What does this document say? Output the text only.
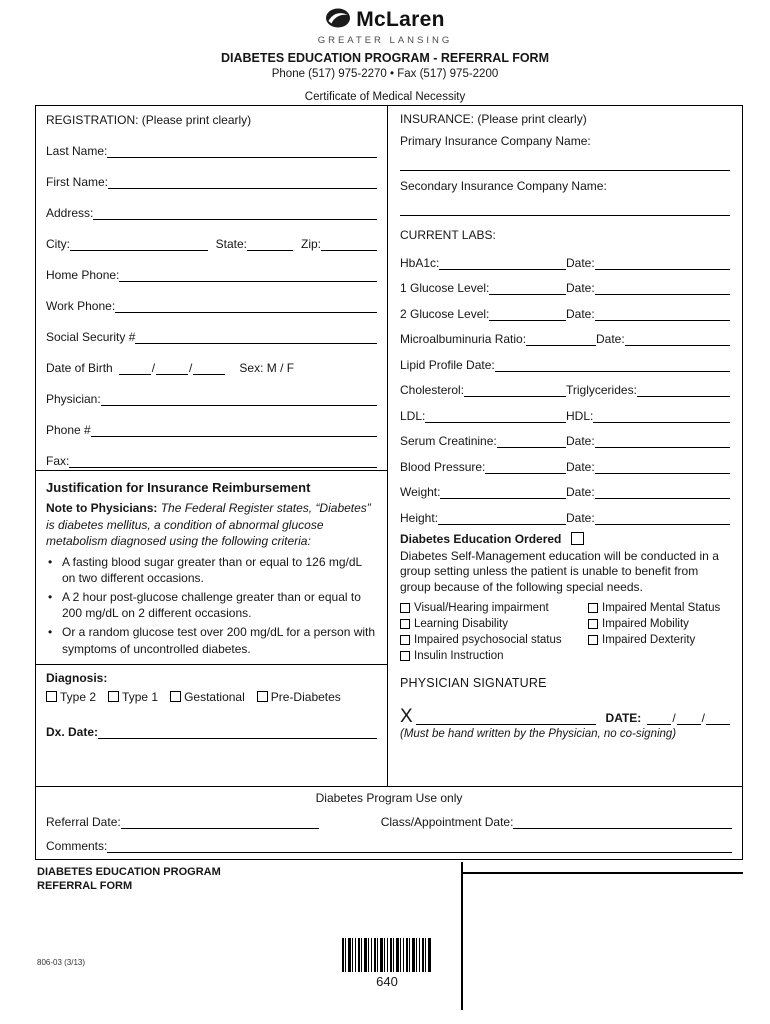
McLaren
GREATER LANSING
DIABETES EDUCATION PROGRAM - REFERRAL FORM
Phone (517) 975-2270 • Fax (517) 975-2200
Certificate of Medical Necessity
REGISTRATION: (Please print clearly)
Last Name:
First Name:
Address:
City:	State:	Zip:
Home Phone:
Work Phone:
Social Security #
Date of Birth	/	/	Sex: M / F
Physician:
Phone #
Fax:
Justification for Insurance Reimbursement

Note to Physicians: The Federal Register states, “Diabetes” is diabetes mellitus, a condition of abnormal glucose metabolism diagnosed using the following criteria:

• A fasting blood sugar greater than or equal to 126 mg/dL on two different occasions.
• A 2 hour post-glucose challenge greater than or equal to 200 mg/dL on 2 different occasions.
• Or a random glucose test over 200 mg/dL for a person with symptoms of uncontrolled diabetes.
Diagnosis:
Type 2 Type 1 Gestational Pre-Diabetes
Dx. Date:
INSURANCE: (Please print clearly)
Primary Insurance Company Name:
Secondary Insurance Company Name:
CURRENT LABS:
HbA1c:	Date:
1 Glucose Level:	Date:
2 Glucose Level:	Date:
Microalbuminuria Ratio:	Date:
Lipid Profile Date:
Cholesterol:	Triglycerides:
LDL:	HDL:
Serum Creatinine:	Date:
Blood Pressure:	Date:
Weight:	Date:
Height:	Date:
Diabetes Education Ordered
Diabetes Self-Management education will be conducted in a group setting unless the patient is unable to benefit from group because of the following special needs.
Visual/Hearing impairment
Learning Disability
Impaired psychosocial status
Insulin Instruction
Impaired Mental Status
Impaired Mobility
Impaired Dexterity
PHYSICIAN SIGNATURE
X	DATE:	/ /
(Must be hand written by the Physician, no co-signing)
Diabetes Program Use only
Referral Date:	Class/Appointment Date:
Comments:
DIABETES EDUCATION PROGRAM
REFERRAL FORM
806-03 (3/13)
640
